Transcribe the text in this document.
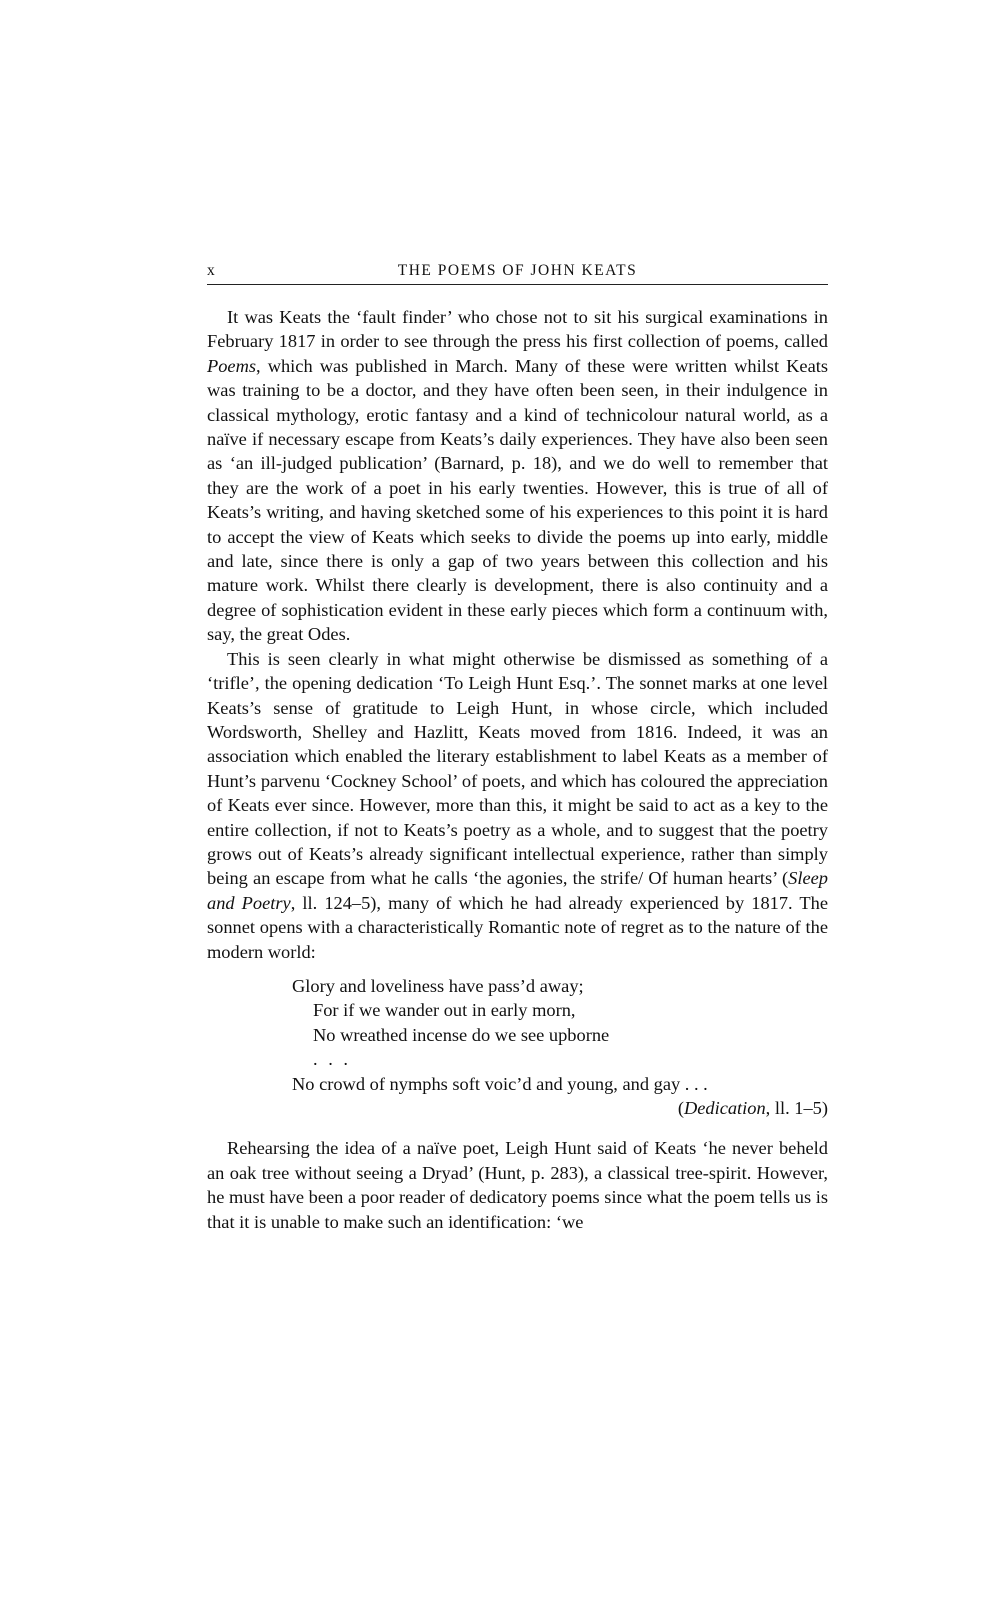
x	THE POEMS OF JOHN KEATS

It was Keats the ‘fault finder’ who chose not to sit his surgical examinations in February 1817 in order to see through the press his first collection of poems, called Poems, which was published in March. Many of these were written whilst Keats was training to be a doctor, and they have often been seen, in their indulgence in classical mythology, erotic fantasy and a kind of technicolour natural world, as a naïve if necessary escape from Keats’s daily experiences. They have also been seen as ‘an ill-judged publication’ (Barnard, p. 18), and we do well to remember that they are the work of a poet in his early twenties. However, this is true of all of Keats’s writing, and having sketched some of his experiences to this point it is hard to accept the view of Keats which seeks to divide the poems up into early, middle and late, since there is only a gap of two years between this collection and his mature work. Whilst there clearly is development, there is also continuity and a degree of sophistication evident in these early pieces which form a continuum with, say, the great Odes.

This is seen clearly in what might otherwise be dismissed as something of a ‘trifle’, the opening dedication ‘To Leigh Hunt Esq.’. The sonnet marks at one level Keats’s sense of gratitude to Leigh Hunt, in whose circle, which included Wordsworth, Shelley and Hazlitt, Keats moved from 1816. Indeed, it was an association which enabled the literary establishment to label Keats as a member of Hunt’s parvenu ‘Cockney School’ of poets, and which has coloured the appreciation of Keats ever since. However, more than this, it might be said to act as a key to the entire collection, if not to Keats’s poetry as a whole, and to suggest that the poetry grows out of Keats’s already significant intellectual experience, rather than simply being an escape from what he calls ‘the agonies, the strife/ Of human hearts’ (Sleep and Poetry, ll. 124–5), many of which he had already experienced by 1817. The sonnet opens with a characteristically Romantic note of regret as to the nature of the modern world:

Glory and loveliness have pass’d away;

For if we wander out in early morn,

No wreathed incense do we see upborne

. . .

No crowd of nymphs soft voic’d and young, and gay . . .

(Dedication, ll. 1–5)

Rehearsing the idea of a naïve poet, Leigh Hunt said of Keats ‘he never beheld an oak tree without seeing a Dryad’ (Hunt, p. 283), a classical tree-spirit. However, he must have been a poor reader of dedicatory poems since what the poem tells us is that it is unable to make such an identification: ‘we
